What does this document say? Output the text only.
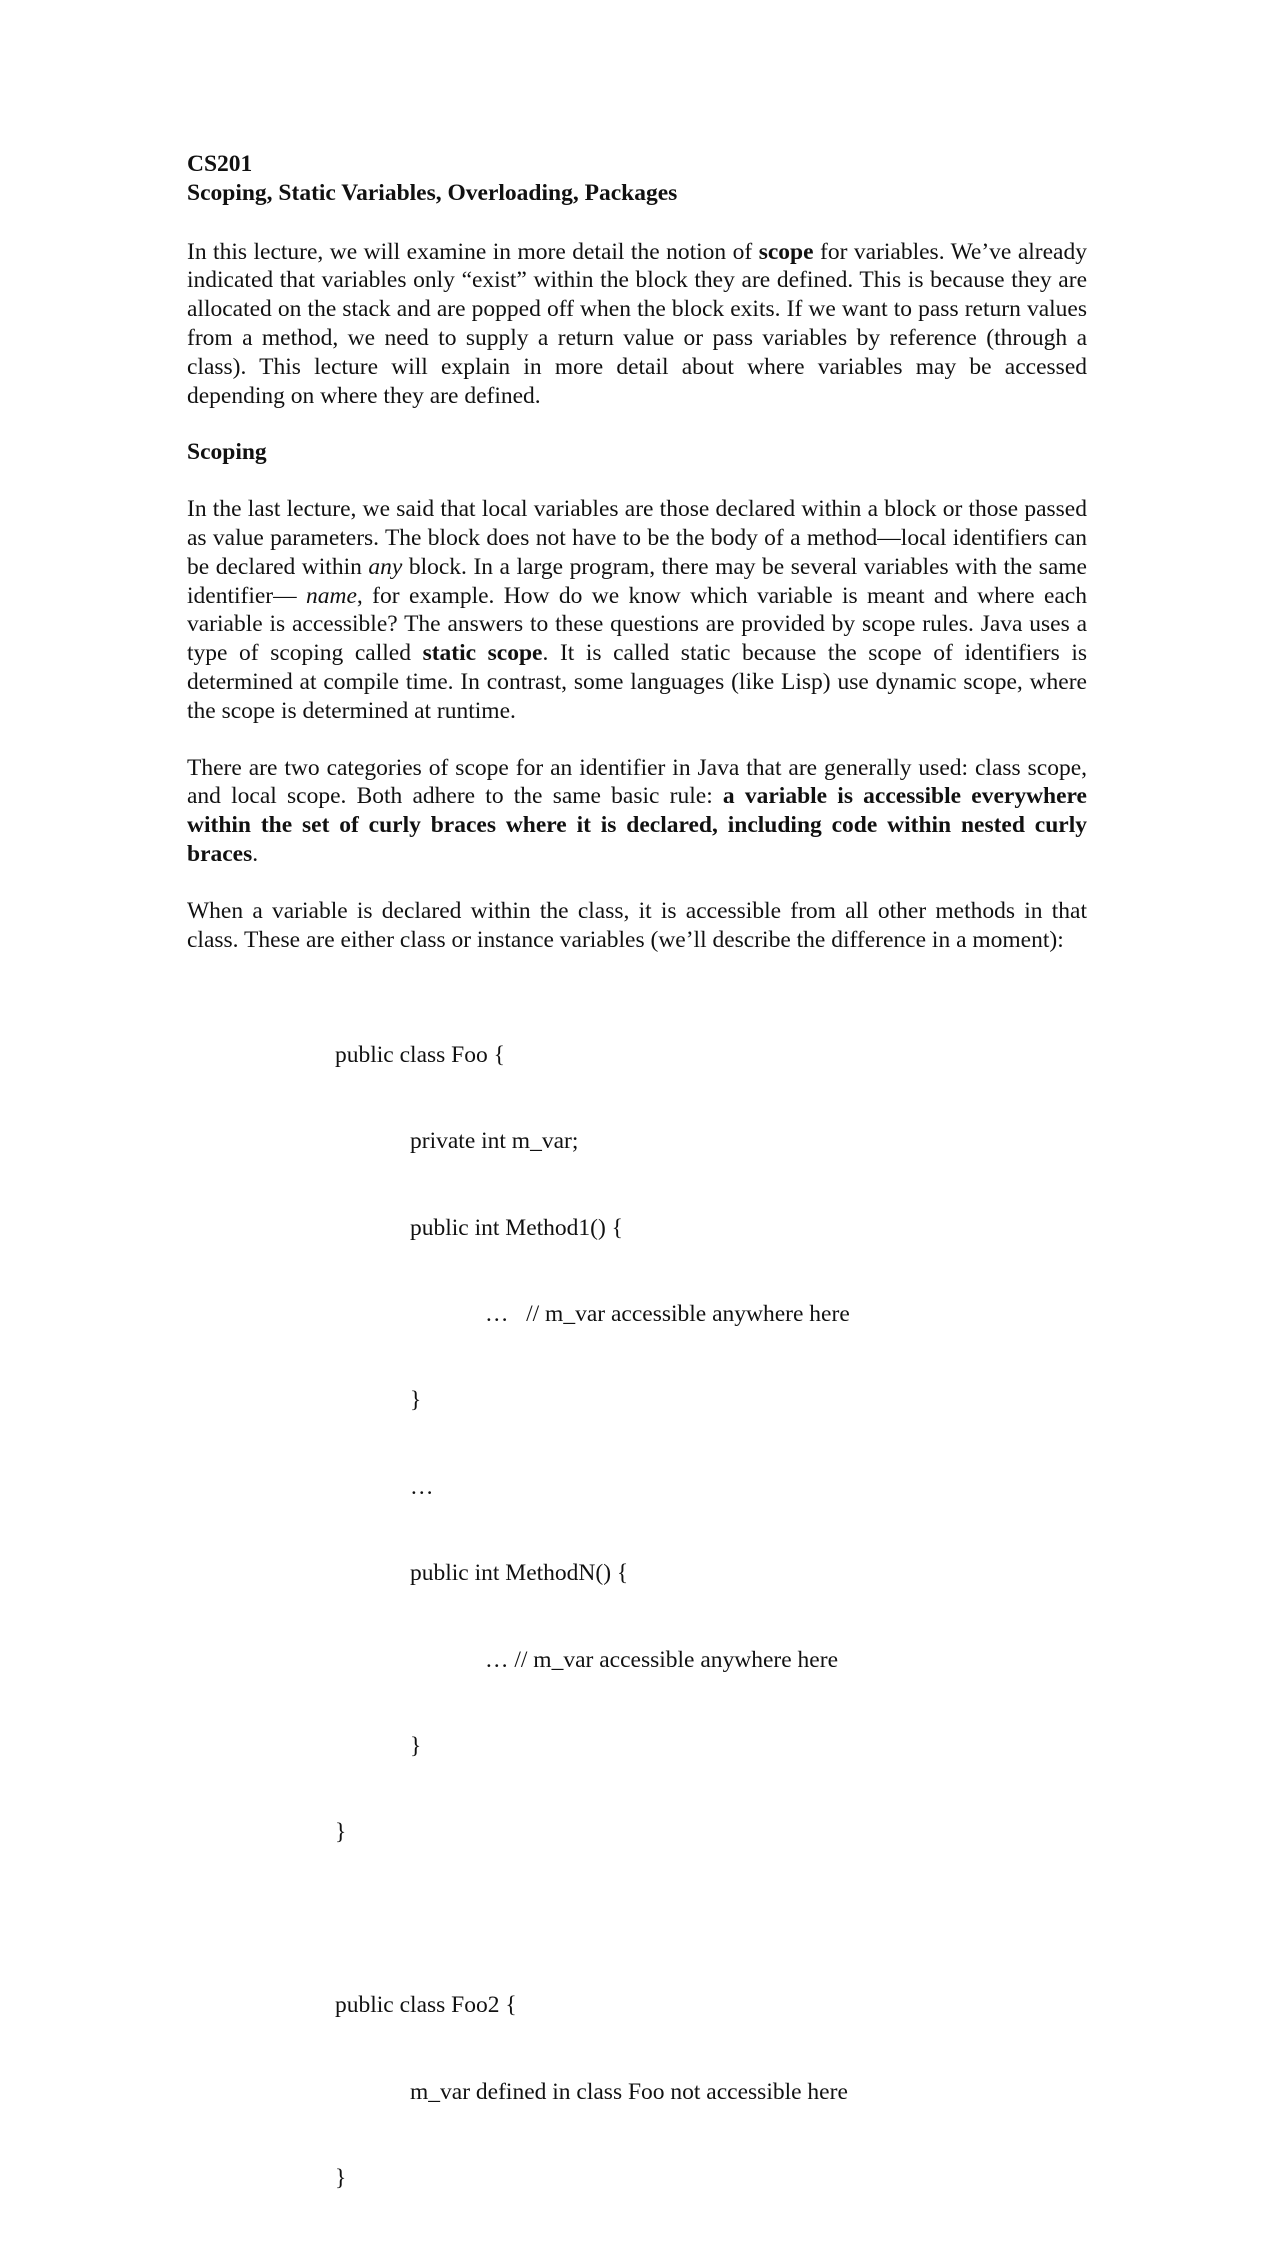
CS201

Scoping, Static Variables, Overloading, Packages

In this lecture, we will examine in more detail the notion of scope for variables. We’ve already indicated that variables only “exist” within the block they are defined. This is because they are allocated on the stack and are popped off when the block exits. If we want to pass return values from a method, we need to supply a return value or pass variables by reference (through a class). This lecture will explain in more detail about where variables may be accessed depending on where they are defined.

Scoping

In the last lecture, we said that local variables are those declared within a block or those passed as value parameters. The block does not have to be the body of a method—local identifiers can be declared within any block. In a large program, there may be several variables with the same identifier— name, for example. How do we know which variable is meant and where each variable is accessible? The answers to these questions are provided by scope rules. Java uses a type of scoping called static scope. It is called static because the scope of identifiers is determined at compile time. In contrast, some languages (like Lisp) use dynamic scope, where the scope is determined at runtime.

There are two categories of scope for an identifier in Java that are generally used: class scope, and local scope. Both adhere to the same basic rule: a variable is accessible everywhere within the set of curly braces where it is declared, including code within nested curly braces.

When a variable is declared within the class, it is accessible from all other methods in that class. These are either class or instance variables (we’ll describe the difference in a moment):

public class Foo {

private int m_var;

public int Method1() {

…   // m_var accessible anywhere here

}

…

public int MethodN() {

… // m_var accessible anywhere here

}

}

public class Foo2 {

m_var defined in class Foo not accessible here

}
